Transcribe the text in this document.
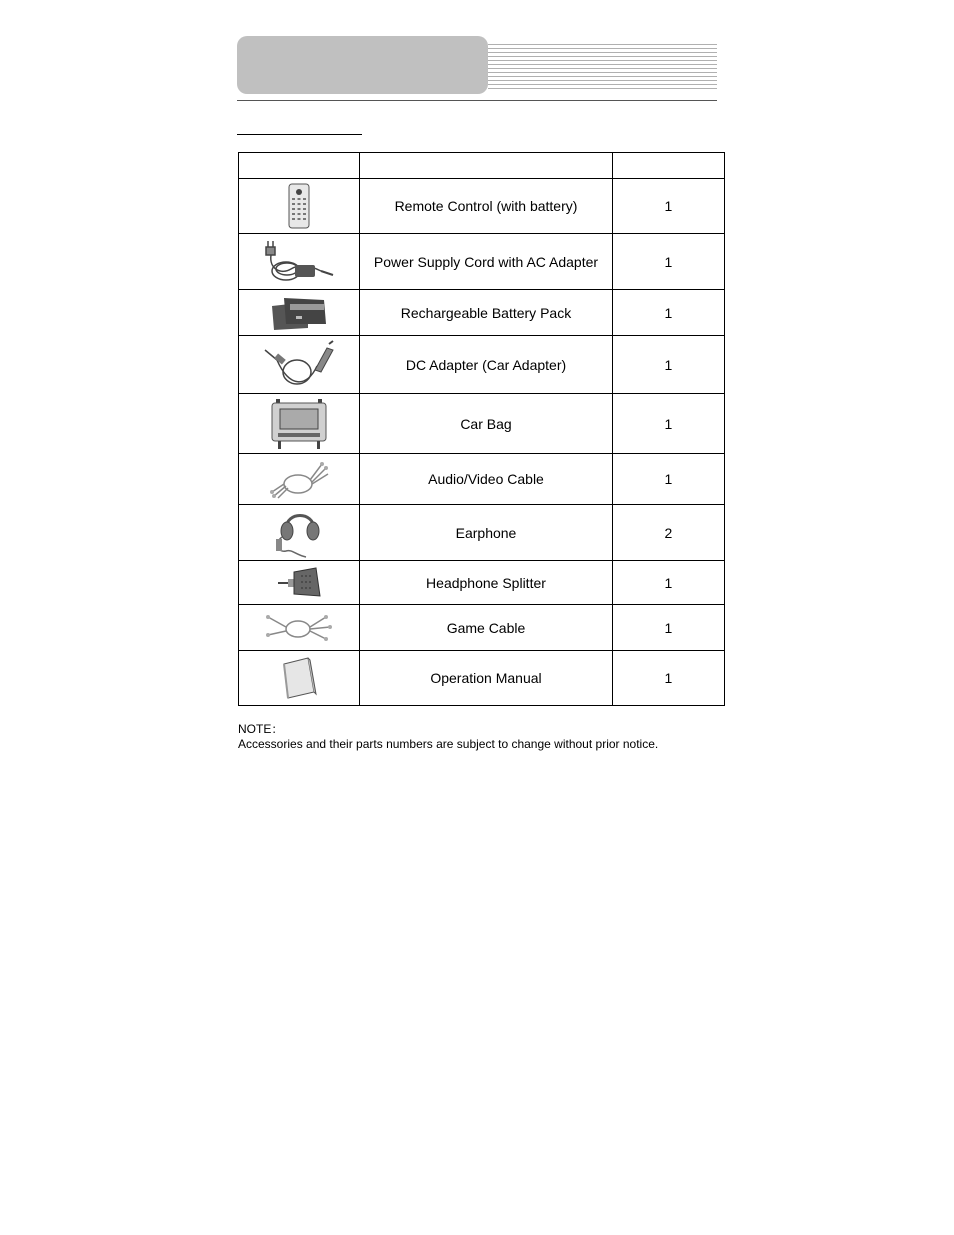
	Remote Control (with battery)	1

	Power Supply Cord with AC Adapter	1

	Rechargeable Battery Pack	1

	DC Adapter (Car Adapter)	1

	Car Bag	1

	Audio/Video Cable	1

	Earphone	2

	Headphone Splitter	1

	Game Cable	1

	Operation Manual	1
NOTE：
Accessories and their parts numbers are subject to change without prior notice.
